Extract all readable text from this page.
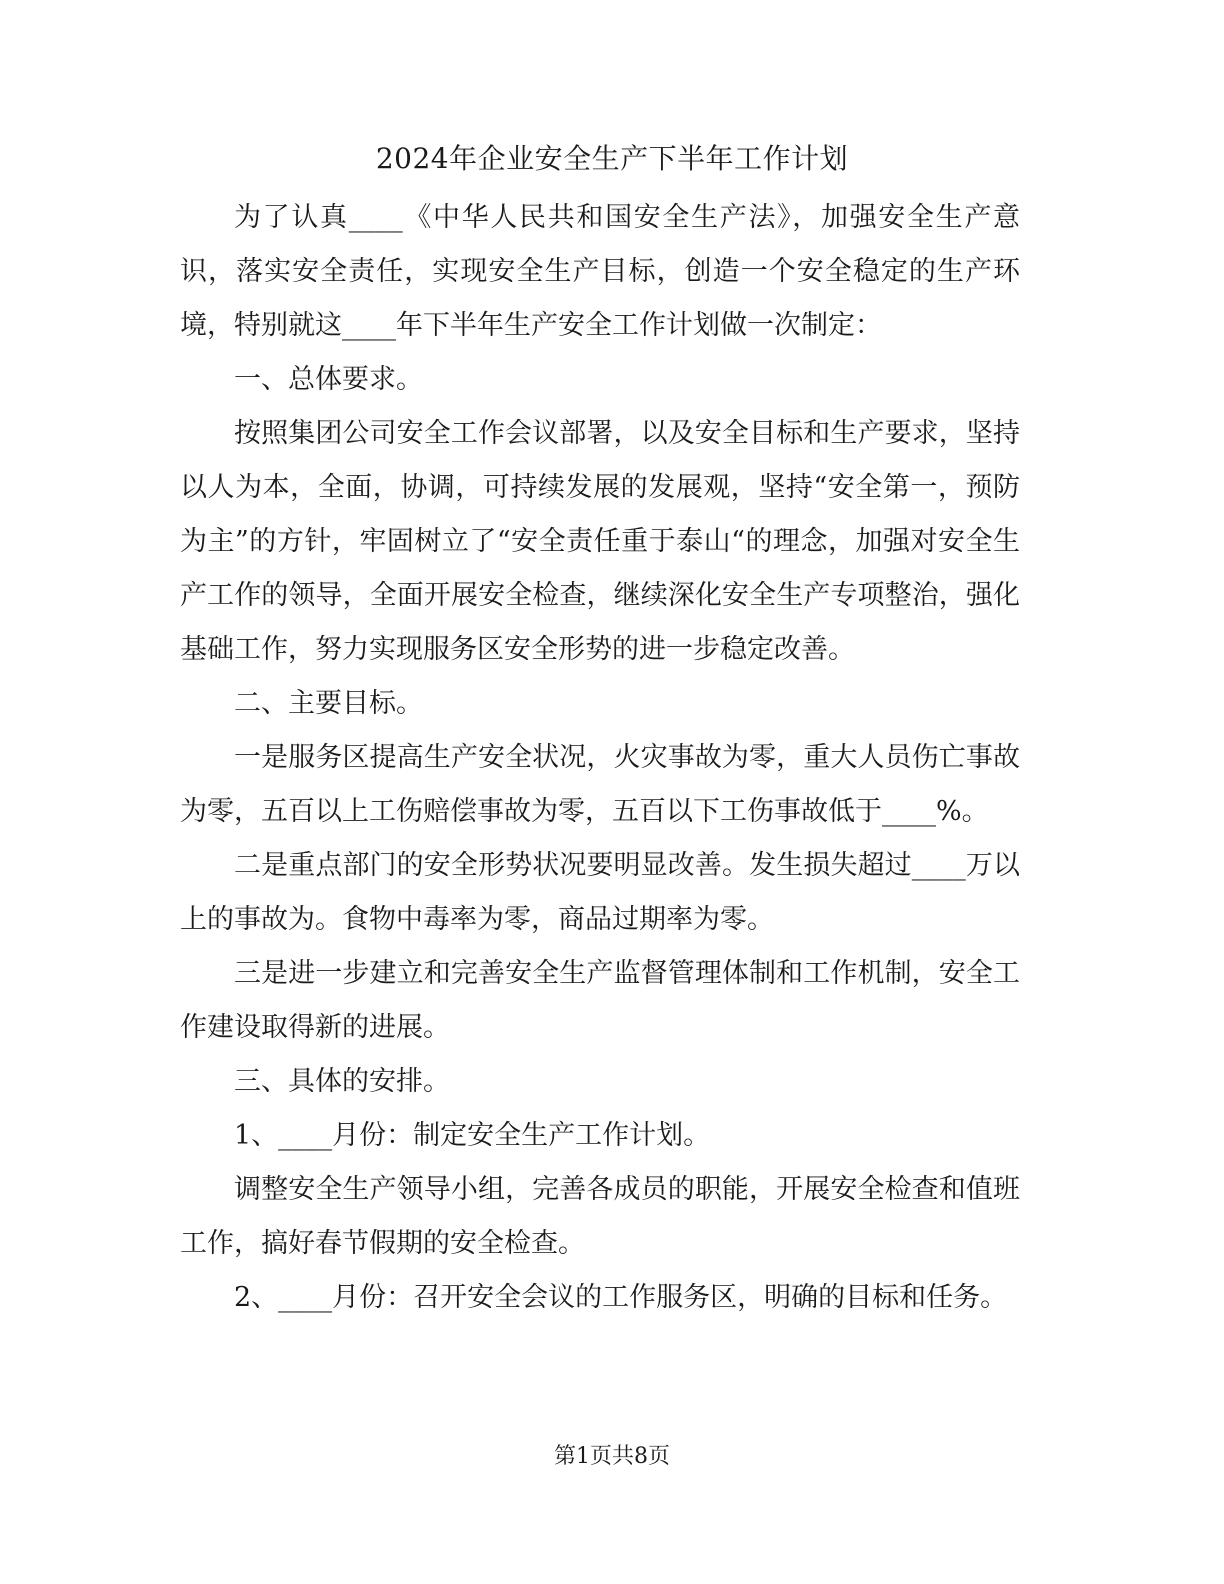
2024年企业安全生产下半年工作计划

为了认真____《中华人民共和国安全生产法》，加强安全生产意识，落实安全责任，实现安全生产目标，创造一个安全稳定的生产环境，特别就这____年下半年生产安全工作计划做一次制定：

一、总体要求。

按照集团公司安全工作会议部署，以及安全目标和生产要求，坚持以人为本，全面，协调，可持续发展的发展观，坚持“安全第一，预防为主”的方针，牢固树立了“安全责任重于泰山“的理念，加强对安全生产工作的领导，全面开展安全检查，继续深化安全生产专项整治，强化基础工作，努力实现服务区安全形势的进一步稳定改善。

二、主要目标。

一是服务区提高生产安全状况，火灾事故为零，重大人员伤亡事故为零，五百以上工伤赔偿事故为零，五百以下工伤事故低于____%。

二是重点部门的安全形势状况要明显改善。发生损失超过____万以上的事故为。食物中毒率为零，商品过期率为零。

三是进一步建立和完善安全生产监督管理体制和工作机制，安全工作建设取得新的进展。

三、具体的安排。

1、____月份：制定安全生产工作计划。

调整安全生产领导小组，完善各成员的职能，开展安全检查和值班工作，搞好春节假期的安全检查。

2、____月份：召开安全会议的工作服务区，明确的目标和任务。

第1页共8页
